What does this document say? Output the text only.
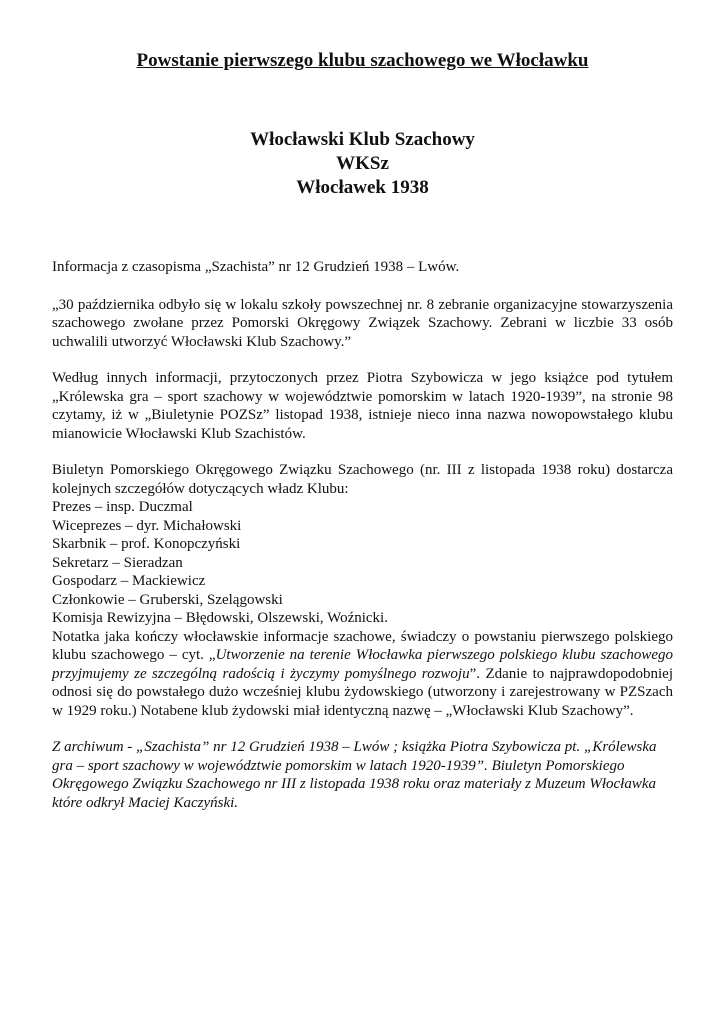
Powstanie pierwszego klubu szachowego we Włocławku
Włocławski Klub Szachowy
WKSz
Włocławek 1938
Informacja z czasopisma „Szachista” nr 12 Grudzień 1938 – Lwów.
„30 października odbyło się w lokalu szkoły powszechnej nr. 8 zebranie organizacyjne stowarzyszenia szachowego zwołane przez Pomorski Okręgowy Związek Szachowy. Zebrani w liczbie 33 osób uchwalili utworzyć Włocławski Klub Szachowy.”
Według innych informacji, przytoczonych przez Piotra Szybowicza w jego książce pod tytułem „Królewska gra – sport szachowy w województwie pomorskim w latach 1920-1939”, na stronie 98 czytamy, iż w „Biuletynie POZSz” listopad 1938, istnieje nieco inna nazwa nowopowstałego klubu mianowicie Włocławski Klub Szachistów.
Biuletyn Pomorskiego Okręgowego Związku Szachowego (nr. III z listopada 1938 roku) dostarcza kolejnych szczegółów dotyczących władz Klubu:
Prezes – insp. Duczmal
Wiceprezes – dyr. Michałowski
Skarbnik – prof. Konopczyński
Sekretarz – Sieradzan
Gospodarz – Mackiewicz
Członkowie – Gruberski, Szelągowski
Komisja Rewizyjna – Błędowski, Olszewski, Woźnicki.
Notatka jaka kończy włocławskie informacje szachowe, świadczy o powstaniu pierwszego polskiego klubu szachowego – cyt. „Utworzenie na terenie Włocławka pierwszego polskiego klubu szachowego przyjmujemy ze szczególną radością i życzymy pomyślnego rozwoju”. Zdanie to najprawdopodobniej odnosi się do powstałego dużo wcześniej klubu żydowskiego (utworzony i zarejestrowany w PZSzach w 1929 roku.) Notabene klub żydowski miał identyczną nazwę – „Włocławski Klub Szachowy”.
Z archiwum - „Szachista” nr 12 Grudzień 1938 – Lwów ; książka Piotra Szybowicza pt. „Królewska gra – sport szachowy w województwie pomorskim w latach 1920-1939”. Biuletyn Pomorskiego Okręgowego Związku Szachowego nr III z listopada 1938 roku oraz materiały z Muzeum Włocławka które odkrył Maciej Kaczyński.
